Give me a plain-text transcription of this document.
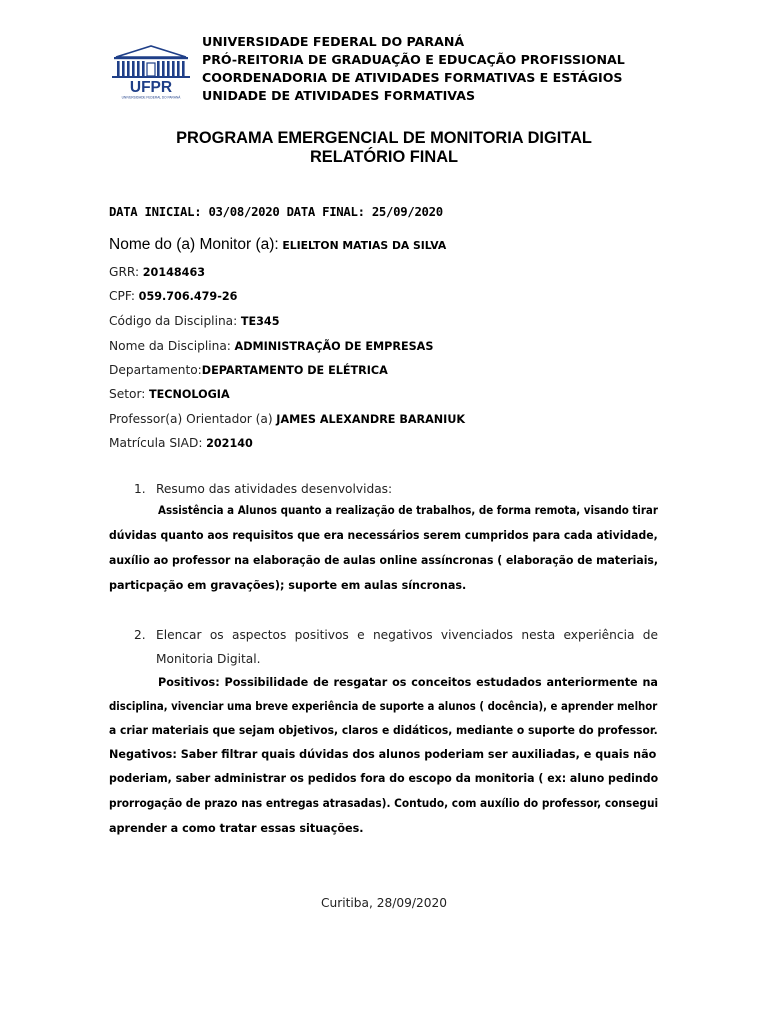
UFPR
UNIVERSIDADE FEDERAL DO PARANÁ
UNIVERSIDADE FEDERAL DO PARANÁ
PRÓ-REITORIA DE GRADUAÇÃO E EDUCAÇÃO PROFISSIONAL
COORDENADORIA DE ATIVIDADES FORMATIVAS E ESTÁGIOS
UNIDADE DE ATIVIDADES FORMATIVAS
PROGRAMA EMERGENCIAL DE MONITORIA DIGITAL
RELATÓRIO FINAL
DATA INICIAL: 03/08/2020 DATA FINAL: 25/09/2020
Nome do (a) Monitor (a): ELIELTON MATIAS DA SILVA
GRR: 20148463
CPF: 059.706.479-26
Código da Disciplina: TE345
Nome da Disciplina: ADMINISTRAÇÃO DE EMPRESAS
Departamento:DEPARTAMENTO DE ELÉTRICA
Setor: TECNOLOGIA
Professor(a) Orientador (a) JAMES ALEXANDRE BARANIUK
Matrícula SIAD: 202140
1. Resumo das atividades desenvolvidas:
Assistência a Alunos quanto a realização de trabalhos, de forma remota, visando tirar
dúvidas quanto aos requisitos que era necessários serem cumpridos para cada atividade,
auxílio ao professor na elaboração de aulas online assíncronas ( elaboração de materiais,
particpação em gravações); suporte em aulas síncronas.
2. Elencar os aspectos positivos e negativos vivenciados nesta experiência de Monitoria Digital.
Positivos: Possibilidade de resgatar os conceitos estudados anteriormente na
disciplina, vivenciar uma breve experiência de suporte a alunos ( docência), e aprender melhor
a criar materiais que sejam objetivos, claros e didáticos, mediante o suporte do professor.
Negativos: Saber filtrar quais dúvidas dos alunos poderiam ser auxiliadas, e quais não
poderiam, saber administrar os pedidos fora do escopo da monitoria ( ex: aluno pedindo
prorrogação de prazo nas entregas atrasadas). Contudo, com auxílio do professor, consegui
aprender a como tratar essas situações.
Curitiba, 28/09/2020
